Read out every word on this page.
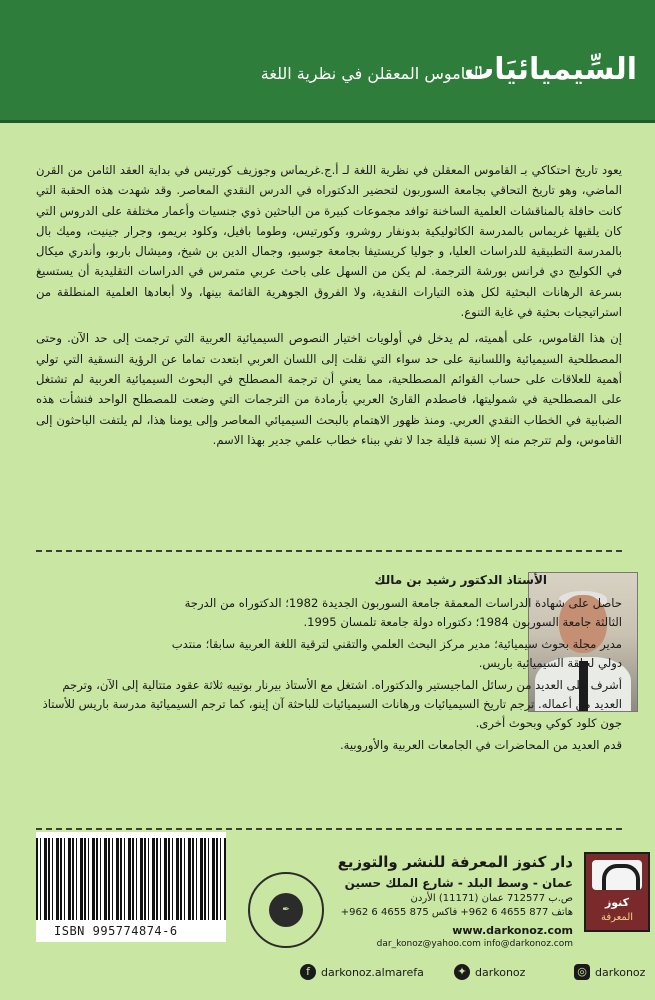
السِّيميائيَات
القاموس المعقلن في نظرية اللغة

يعود تاريخ احتكاكي بـ القاموس المعقلن في نظرية اللغة لـ أ.ج.غريماس وجوزيف كورتيس في بداية العقد الثامن من القرن الماضي، وهو تاريخ التحاقي بجامعة السوربون لتحضير الدكتوراه في الدرس النقدي المعاصر. وقد شهدت هذه الحقبة التي كانت حافلة بالمناقشات العلمية الساخنة توافد مجموعات كبيرة من الباحثين ذوي جنسيات وأعمار مختلفة على الدروس التي كان يلقيها غريماس بالمدرسة الكاثوليكية بدونفار روشرو، وكورتيس، وطوما بافيل، وكلود بريمو، وجرار جينيت، وميك بال بالمدرسة التطبيقية للدراسات العليا، و جوليا كريستيفا بجامعة جوسيو، وجمال الدين بن شيخ، وميشال باربو، وأندري ميكال في الكوليج دي فرانس بورشة الترجمة. لم يكن من السهل على باحث عربي متمرس في الدراسات التقليدية أن يستسيغ بسرعة الرهانات البحثية لكل هذه التيارات النقدية، ولا الفروق الجوهرية القائمة بينها، ولا أبعادها العلمية المنطلقة من استراتيجيات بحثية في غاية التنوع.

إن هذا القاموس، على أهميته، لم يدخل في أولويات اختيار النصوص السيميائية العربية التي ترجمت إلى حد الآن. وحتى المصطلحية السيميائية واللسانية على حد سواء التي نقلت إلى اللسان العربي ابتعدت تماما عن الرؤية النسقية التي تولي أهمية للعلاقات على حساب القوائم المصطلحية، مما يعني أن ترجمة المصطلح في البحوث السيميائية العربية لم تشتغل على المصطلحية في شموليتها، فاصطدم القارئ العربي بأرمادة من الترجمات التي وضعت للمصطلح الواحد فنشأت هذه الضبابية في الخطاب النقدي العربي. ومنذ ظهور الاهتمام بالبحث السيميائي المعاصر وإلى يومنا هذا، لم يلتفت الباحثون إلى القاموس، ولم تترجم منه إلا نسبة قليلة جدا لا تفي ببناء خطاب علمي جدير بهذا الاسم.

الأستاذ الدكتور رشيد بن مالك

حاصل على شهادة الدراسات المعمقة جامعة السوربون الجديدة 1982؛ الدكتوراه من الدرجة الثالثة جامعة السوربون 1984؛ دكتوراه دولة جامعة تلمسان 1995.

مدير مجلة بحوث سيميائية؛ مدير مركز البحث العلمي والتقني لترقية اللغة العربية سابقا؛ منتدب دولي لحلقة السيميائية باريس.

أشرف على العديد من رسائل الماجيستير والدكتوراه. اشتغل مع الأستاذ بيرنار بوتييه ثلاثة عقود متتالية إلى الآن، وترجم العديد من أعماله. ترجم تاريخ السيميائيات ورهانات السيميائيات للباحثة آن إينو، كما ترجم السيميائية مدرسة باريس للأستاذ جون كلود كوكي وبحوث أخرى.

قدم العديد من المحاضرات في الجامعات العربية والأوروبية.

ISBN 995774874-6
✒
دار كنوز المعرفة للنشر والتوزيع
عمان - وسط البلد - شارع الملك حسين
ص.ب 712577 عمان (11171) الأردن
هاتف 877 4655 6 962+ فاكس 875 4655 6 962+
www.darkonoz.com
dar_konoz@yahoo.com info@darkonoz.com
كنوز
المعرفة
◎ darkonoz
✦ darkonoz
f	darkonoz.almarefa
